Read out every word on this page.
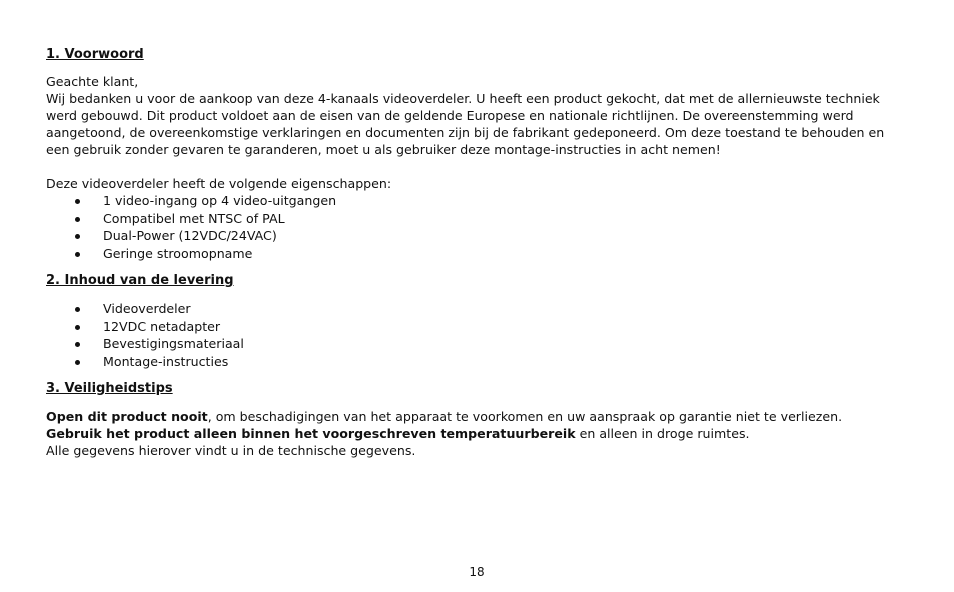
1. Voorwoord

Geachte klant,

Wij bedanken u voor de aankoop van deze 4-kanaals videoverdeler. U heeft een product gekocht, dat met de allernieuwste techniek werd gebouwd. Dit product voldoet aan de eisen van de geldende Europese en nationale richtlijnen. De overeenstemming werd aangetoond, de overeenkomstige verklaringen en documenten zijn bij de fabrikant gedeponeerd. Om deze toestand te behouden en een gebruik zonder gevaren te garanderen, moet u als gebruiker deze montage-instructies in acht nemen!

Deze videoverdeler heeft de volgende eigenschappen:

1 video-ingang op 4 video-uitgangen
Compatibel met NTSC of PAL
Dual-Power (12VDC/24VAC)
Geringe stroomopname

2. Inhoud van de levering

Videoverdeler
12VDC netadapter
Bevestigingsmateriaal
Montage-instructies

3. Veiligheidstips

Open dit product nooit, om beschadigingen van het apparaat te voorkomen en uw aanspraak op garantie niet te verliezen.

Gebruik het product alleen binnen het voorgeschreven temperatuurbereik en alleen in droge ruimtes.

Alle gegevens hierover vindt u in de technische gegevens.

18
